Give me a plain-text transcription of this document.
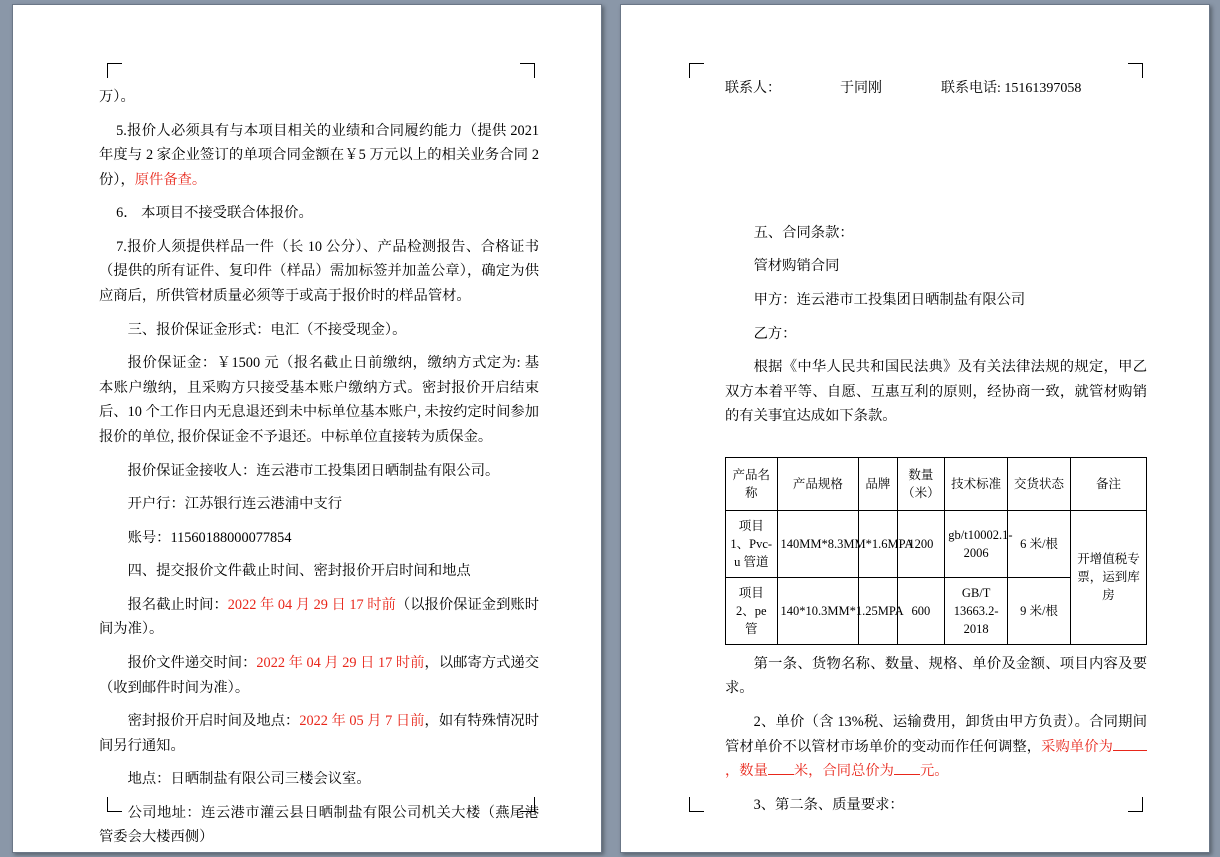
万）。

5.报价人必须具有与本项目相关的业绩和合同履约能力（提供 2021 年度与 2 家企业签订的单项合同金额在￥5 万元以上的相关业务合同 2 份），原件备查。

6． 本项目不接受联合体报价。

7.报价人须提供样品一件（长 10 公分）、产品检测报告、合格证书（提供的所有证件、复印件（样品）需加标签并加盖公章），确定为供应商后，所供管材质量必须等于或高于报价时的样品管材。

三、报价保证金形式：电汇（不接受现金）。

报价保证金：￥1500 元（报名截止日前缴纳，缴纳方式定为: 基本账户缴纳，且采购方只接受基本账户缴纳方式。密封报价开启结束后、10 个工作日内无息退还到未中标单位基本账户, 未按约定时间参加报价的单位, 报价保证金不予退还。中标单位直接转为质保金。

报价保证金接收人：连云港市工投集团日晒制盐有限公司。

开户行：江苏银行连云港浦中支行

账号：11560188000077854

四、提交报价文件截止时间、密封报价开启时间和地点

报名截止时间：2022 年 04 月 29 日 17 时前（以报价保证金到账时间为准）。

报价文件递交时间：2022 年 04 月 29 日 17 时前，以邮寄方式递交（收到邮件时间为准）。

密封报价开启时间及地点：2022 年 05 月 7 日前，如有特殊情况时间另行通知。

地点：日晒制盐有限公司三楼会议室。

公司地址：连云港市灌云县日晒制盐有限公司机关大楼（燕尾港管委会大楼西侧）

联系人：	于同刚	联系电话: 15161397058

五、合同条款：

管材购销合同

甲方：连云港市工投集团日晒制盐有限公司

乙方：

根据《中华人民共和国民法典》及有关法律法规的规定，甲乙双方本着平等、自愿、互惠互利的原则，经协商一致，就管材购销的有关事宜达成如下条款。

产品名称	产品规格	品牌	数量（米）	技术标准	交货状态	备注
项目 1、Pvc-u 管道	140MM*8.3MM*1.6MPA		1200	gb/t10002.1-2006	6 米/根	开增值税专票，运到库房
项目 2、pe 管	140*10.3MM*1.25MPA		600	GB/T 13663.2-2018	9 米/根	

第一条、货物名称、数量、规格、单价及金额、项目内容及要求。

2、单价（含 13%税、运输费用，卸货由甲方负责）。合同期间管材单价不以管材市场单价的变动而作任何调整，采购单价为，数量 米，合同总价为 元。

3、第二条、质量要求：
